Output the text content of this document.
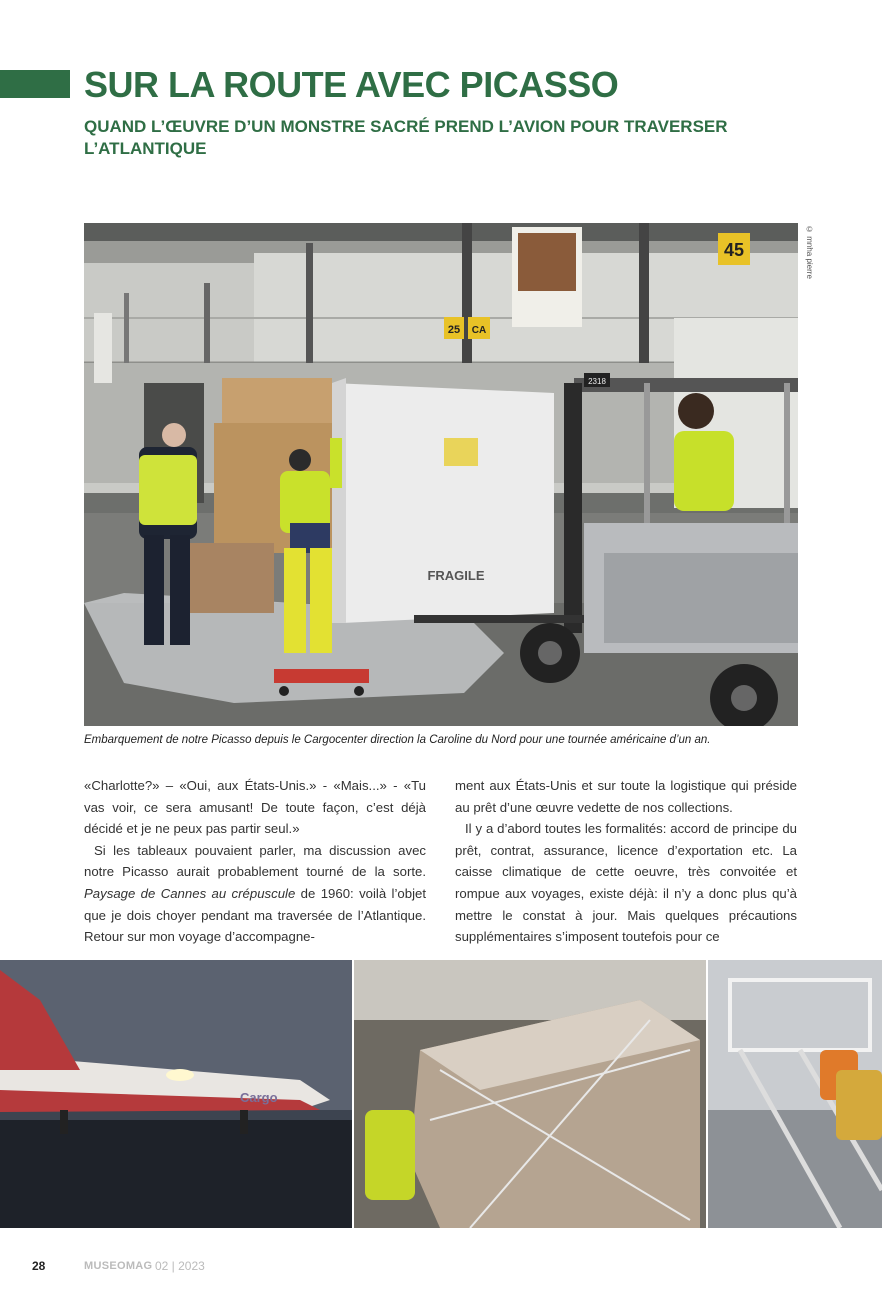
SUR LA ROUTE AVEC PICASSO
QUAND L’ŒUVRE D’UN MONSTRE SACRÉ PREND L’AVION POUR TRAVERSER L’ATLANTIQUE
45
25 CA
FRAGILE
2318
© mnha pierre

Embarquement de notre Picasso depuis le Cargocenter direction la Caroline du Nord pour une tournée américaine d’un an.

«Charlotte?» – «Oui, aux États-Unis.» - «Mais...» - «Tu vas voir, ce sera amusant! De toute façon, c’est déjà décidé et je ne peux pas partir seul.»

Si les tableaux pouvaient parler, ma discussion avec notre Picasso aurait probablement tourné de la sorte. Paysage de Cannes au crépuscule de 1960: voilà l’objet que je dois choyer pendant ma traversée de l’Atlantique. Retour sur mon voyage d’accompagne-

ment aux États-Unis et sur toute la logistique qui préside au prêt d’une œuvre vedette de nos collections.

Il y a d’abord toutes les formalités: accord de principe du prêt, contrat, assurance, licence d’exportation etc. La caisse climatique de cette oeuvre, très convoitée et rompue aux voyages, existe déjà: il n’y a donc plus qu’à mettre le constat à jour. Mais quelques précautions supplémentaires s’imposent toutefois pour ce

Cargo
28	MUSEOMAG 02 | 2023
